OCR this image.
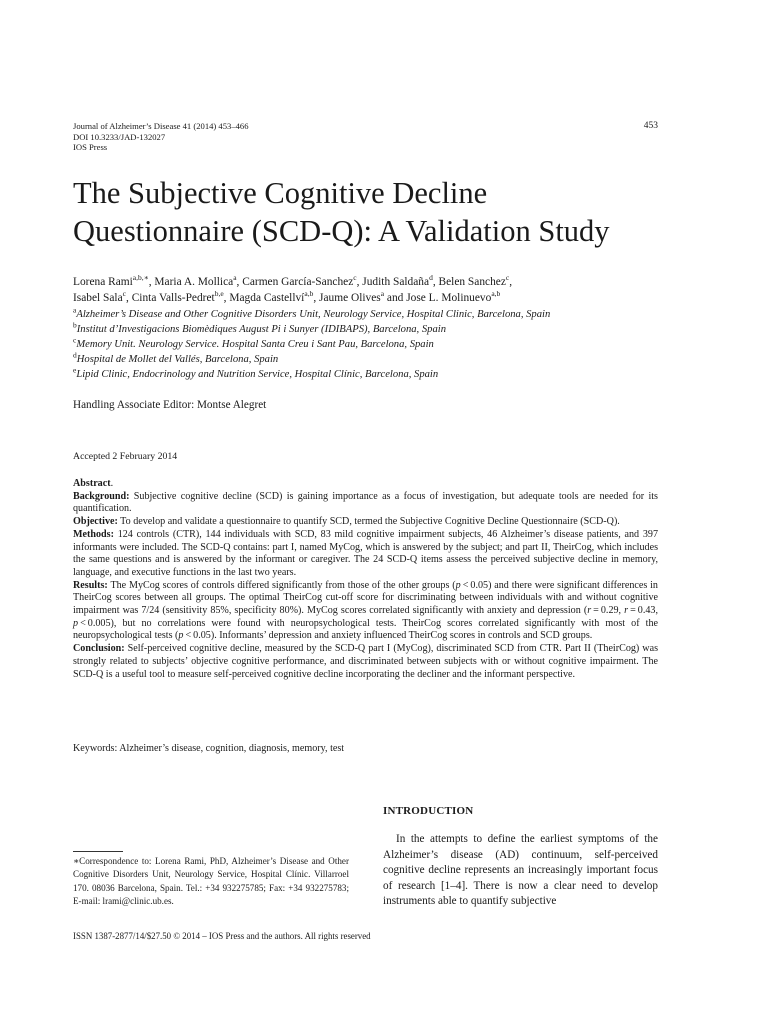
Journal of Alzheimer’s Disease 41 (2014) 453–466
DOI 10.3233/JAD-132027
IOS Press
453
The Subjective Cognitive Decline
Questionnaire (SCD-Q): A Validation Study
Lorena Rami$^{a,b,∗}$, Maria A. Mollica$^a$, Carmen García-Sanchez$^c$, Judith Saldaña$^d$, Belen Sanchez$^c$,
Isabel Sala$^c$, Cinta Valls-Pedret$^{b,e}$, Magda Castellví$^{a,b}$, Jaume Olives$^a$ and Jose L. Molinuevo$^{a,b}$
$^a$Alzheimer’s Disease and Other Cognitive Disorders Unit, Neurology Service, Hospital Clinic, Barcelona, Spain
$^b$Institut d’Investigacions Biomèdiques August Pi i Sunyer (IDIBAPS), Barcelona, Spain
$^c$Memory Unit. Neurology Service. Hospital Santa Creu i Sant Pau, Barcelona, Spain
$^d$Hospital de Mollet del Vallés, Barcelona, Spain
$^e$Lipid Clinic, Endocrinology and Nutrition Service, Hospital Clínic, Barcelona, Spain
Handling Associate Editor: Montse Alegret
Accepted 2 February 2014

Abstract.

Background: Subjective cognitive decline (SCD) is gaining importance as a focus of investigation, but adequate tools are needed for its quantification.

Objective: To develop and validate a questionnaire to quantify SCD, termed the Subjective Cognitive Decline Questionnaire (SCD-Q).

Methods: 124 controls (CTR), 144 individuals with SCD, 83 mild cognitive impairment subjects, 46 Alzheimer’s disease patients, and 397 informants were included. The SCD-Q contains: part I, named MyCog, which is answered by the subject; and part II, TheirCog, which includes the same questions and is answered by the informant or caregiver. The 24 SCD-Q items assess the perceived subjective decline in memory, language, and executive functions in the last two years.

Results: The MyCog scores of controls differed significantly from those of the other groups (p < 0.05) and there were significant differences in TheirCog scores between all groups. The optimal TheirCog cut-off score for discriminating between individuals with and without cognitive impairment was 7/24 (sensitivity 85%, specificity 80%). MyCog scores correlated significantly with anxiety and depression (r = 0.29, r = 0.43, p < 0.005), but no correlations were found with neuropsychological tests. TheirCog scores correlated significantly with most of the neuropsychological tests (p < 0.05). Informants’ depression and anxiety influenced TheirCog scores in controls and SCD groups.

Conclusion: Self-perceived cognitive decline, measured by the SCD-Q part I (MyCog), discriminated SCD from CTR. Part II (TheirCog) was strongly related to subjects’ objective cognitive performance, and discriminated between subjects with or without cognitive impairment. The SCD-Q is a useful tool to measure self-perceived cognitive decline incorporating the decliner and the informant perspective.

Keywords: Alzheimer’s disease, cognition, diagnosis, memory, test
INTRODUCTION

In the attempts to define the earliest symptoms of the Alzheimer’s disease (AD) continuum, self-perceived cognitive decline represents an increasingly important focus of research [1–4]. There is now a clear need to develop instruments able to quantify subjective

∗Correspondence to: Lorena Rami, PhD, Alzheimer’s Disease and Other Cognitive Disorders Unit, Neurology Service, Hospital Clínic. Villarroel 170. 08036 Barcelona, Spain. Tel.: +34 932275785; Fax: +34 932275783; E-mail: lrami@clinic.ub.es.
ISSN 1387-2877/14/$27.50 © 2014 – IOS Press and the authors. All rights reserved
